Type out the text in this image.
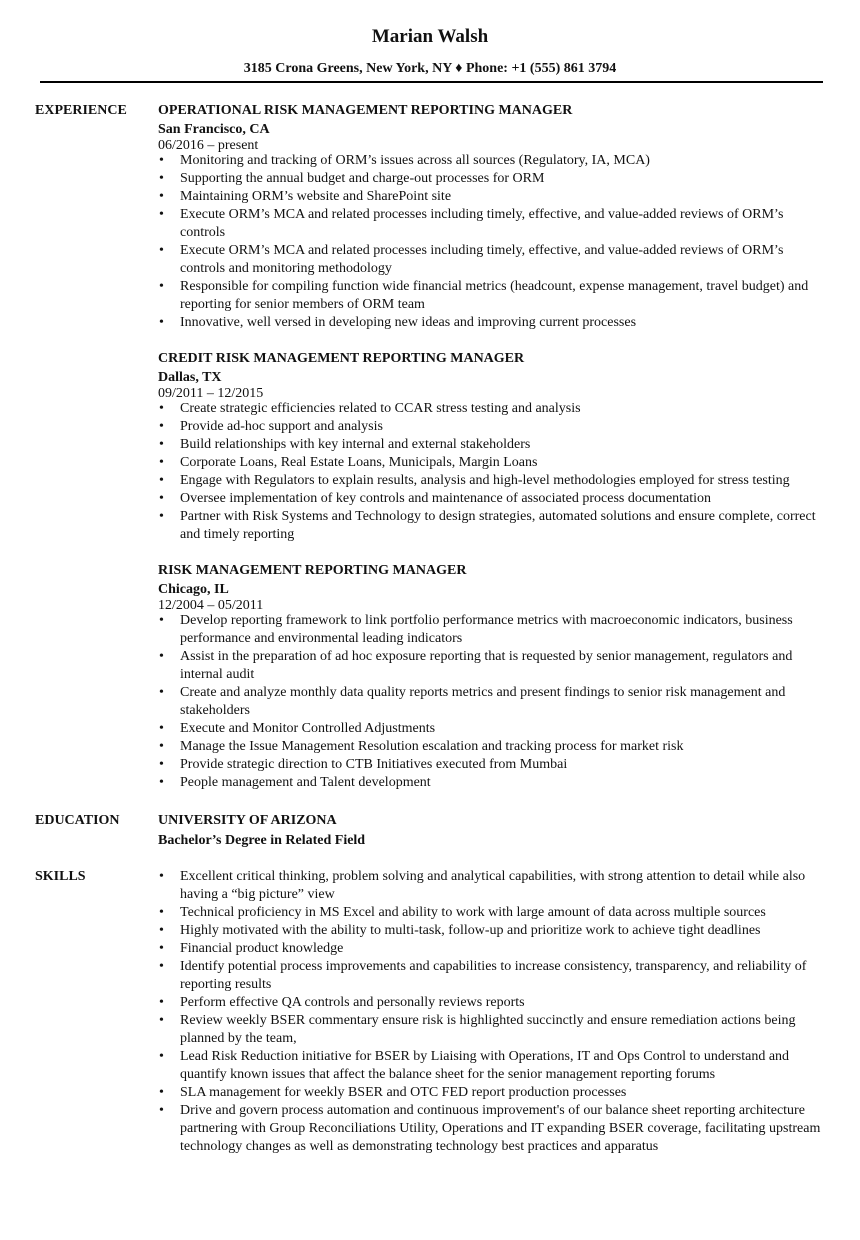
Marian Walsh
3185 Crona Greens, New York, NY ♦ Phone: +1 (555) 861 3794
EXPERIENCE OPERATIONAL RISK MANAGEMENT REPORTING MANAGER
San Francisco, CA
06/2016 – present
• Monitoring and tracking of ORM’s issues across all sources (Regulatory, IA, MCA)
• Supporting the annual budget and charge-out processes for ORM
• Maintaining ORM’s website and SharePoint site
• Execute ORM’s MCA and related processes including timely, effective, and value-added reviews of ORM’s controls
• Execute ORM’s MCA and related processes including timely, effective, and value-added reviews of ORM’s controls and monitoring methodology
• Responsible for compiling function wide financial metrics (headcount, expense management, travel budget) and reporting for senior members of ORM team
• Innovative, well versed in developing new ideas and improving current processes
CREDIT RISK MANAGEMENT REPORTING MANAGER
Dallas, TX
09/2011 – 12/2015
• Create strategic efficiencies related to CCAR stress testing and analysis
• Provide ad-hoc support and analysis
• Build relationships with key internal and external stakeholders
• Corporate Loans, Real Estate Loans, Municipals, Margin Loans
• Engage with Regulators to explain results, analysis and high-level methodologies employed for stress testing
• Oversee implementation of key controls and maintenance of associated process documentation
• Partner with Risk Systems and Technology to design strategies, automated solutions and ensure complete, correct and timely reporting
RISK MANAGEMENT REPORTING MANAGER
Chicago, IL
12/2004 – 05/2011
• Develop reporting framework to link portfolio performance metrics with macroeconomic indicators, business performance and environmental leading indicators
• Assist in the preparation of ad hoc exposure reporting that is requested by senior management, regulators and internal audit
• Create and analyze monthly data quality reports metrics and present findings to senior risk management and stakeholders
• Execute and Monitor Controlled Adjustments
• Manage the Issue Management Resolution escalation and tracking process for market risk
• Provide strategic direction to CTB Initiatives executed from Mumbai
• People management and Talent development
EDUCATION	UNIVERSITY OF ARIZONA
Bachelor’s Degree in Related Field
SKILLS
•	Excellent critical thinking, problem solving and analytical capabilities, with strong attention to detail while also having a “big picture” view
• Technical proficiency in MS Excel and ability to work with large amount of data across multiple sources
• Highly motivated with the ability to multi-task, follow-up and prioritize work to achieve tight deadlines
• Financial product knowledge
• Identify potential process improvements and capabilities to increase consistency, transparency, and reliability of reporting results
• Perform effective QA controls and personally reviews reports
• Review weekly BSER commentary ensure risk is highlighted succinctly and ensure remediation actions being planned by the team,
• Lead Risk Reduction initiative for BSER by Liaising with Operations, IT and Ops Control to understand and quantify known issues that affect the balance sheet for the senior management reporting forums
• SLA management for weekly BSER and OTC FED report production processes
• Drive and govern process automation and continuous improvement's of our balance sheet reporting architecture partnering with Group Reconciliations Utility, Operations and IT expanding BSER coverage, facilitating upstream technology changes as well as demonstrating technology best practices and apparatus
